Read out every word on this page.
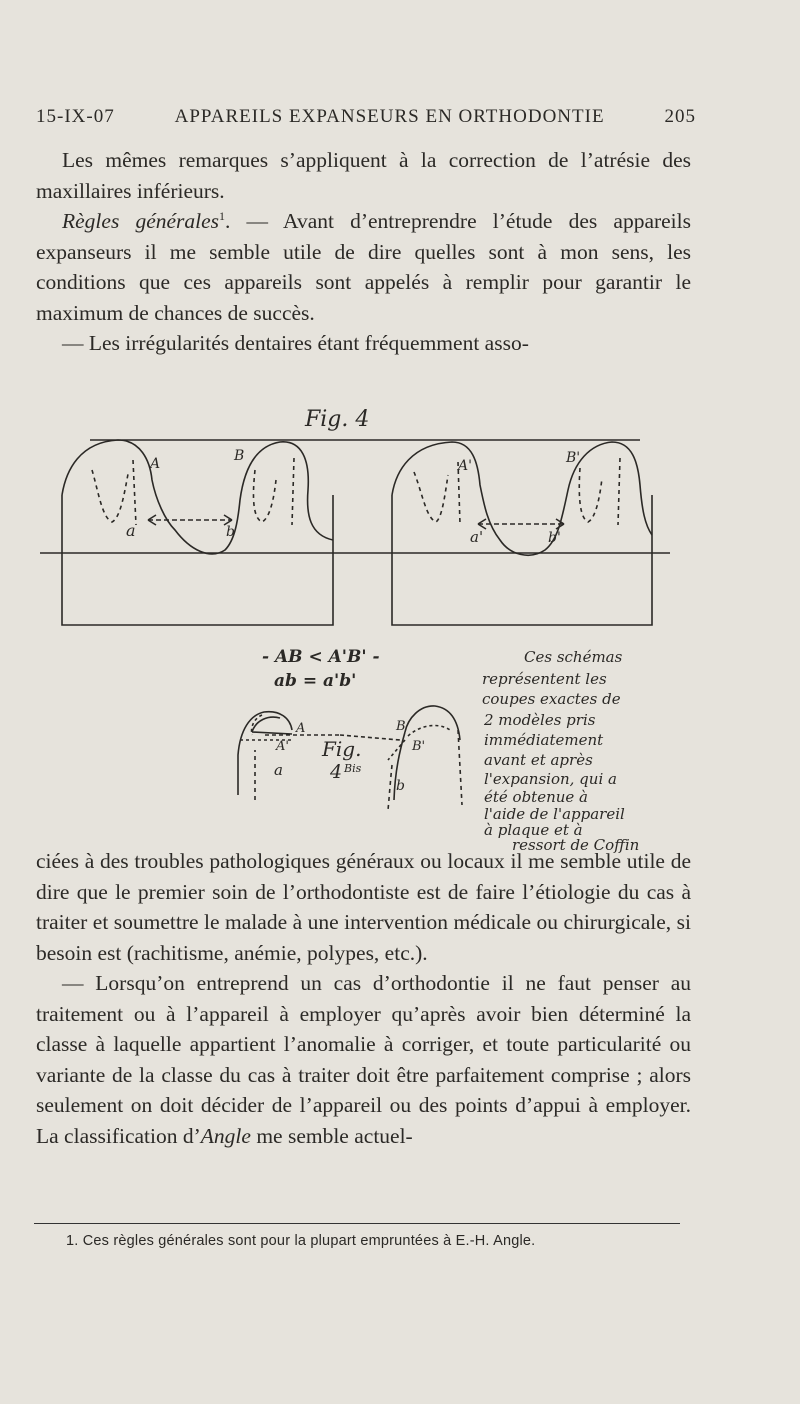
15-IX-07	APPAREILS EXPANSEURS EN ORTHODONTIE	205

Les mêmes remarques s’appliquent à la correction de l’atrésie des maxillaires inférieurs.

Règles générales$^1$. — Avant d’entreprendre l’étude des appareils expanseurs il me semble utile de dire quelles sont à mon sens, les conditions que ces appareils sont appelés à remplir pour garantir le maximum de chances de succès.

— Les irrégularités dentaires étant fréquemment asso-

A	B
a	b
A'	B'
a'	b'
A
A'
B
B'
a
b
Fig. 4
Fig.
4 Bis
- AB < A'B' -
ab = a'b'
Ces schémas
représentent les
coupes exactes de
2 modèles pris
immédiatement
avant et après
l'expansion, qui a
été obtenue à
l'aide de l'appareil
à plaque et à
ressort de Coffin

ciées à des troubles pathologiques généraux ou locaux il me semble utile de dire que le premier soin de l’orthodontiste est de faire l’étiologie du cas à traiter et soumettre le malade à une intervention médicale ou chirurgicale, si besoin est (rachitisme, anémie, polypes, etc.).

— Lorsqu’on entreprend un cas d’orthodontie il ne faut penser au traitement ou à l’appareil à employer qu’après avoir bien déterminé la classe à laquelle appartient l’anomalie à corriger, et toute particularité ou variante de la classe du cas à traiter doit être parfaitement comprise ; alors seulement on doit décider de l’appareil ou des points d’appui à employer. La classification d’Angle me semble actuel-

1. Ces règles générales sont pour la plupart empruntées à E.-H. Angle.
